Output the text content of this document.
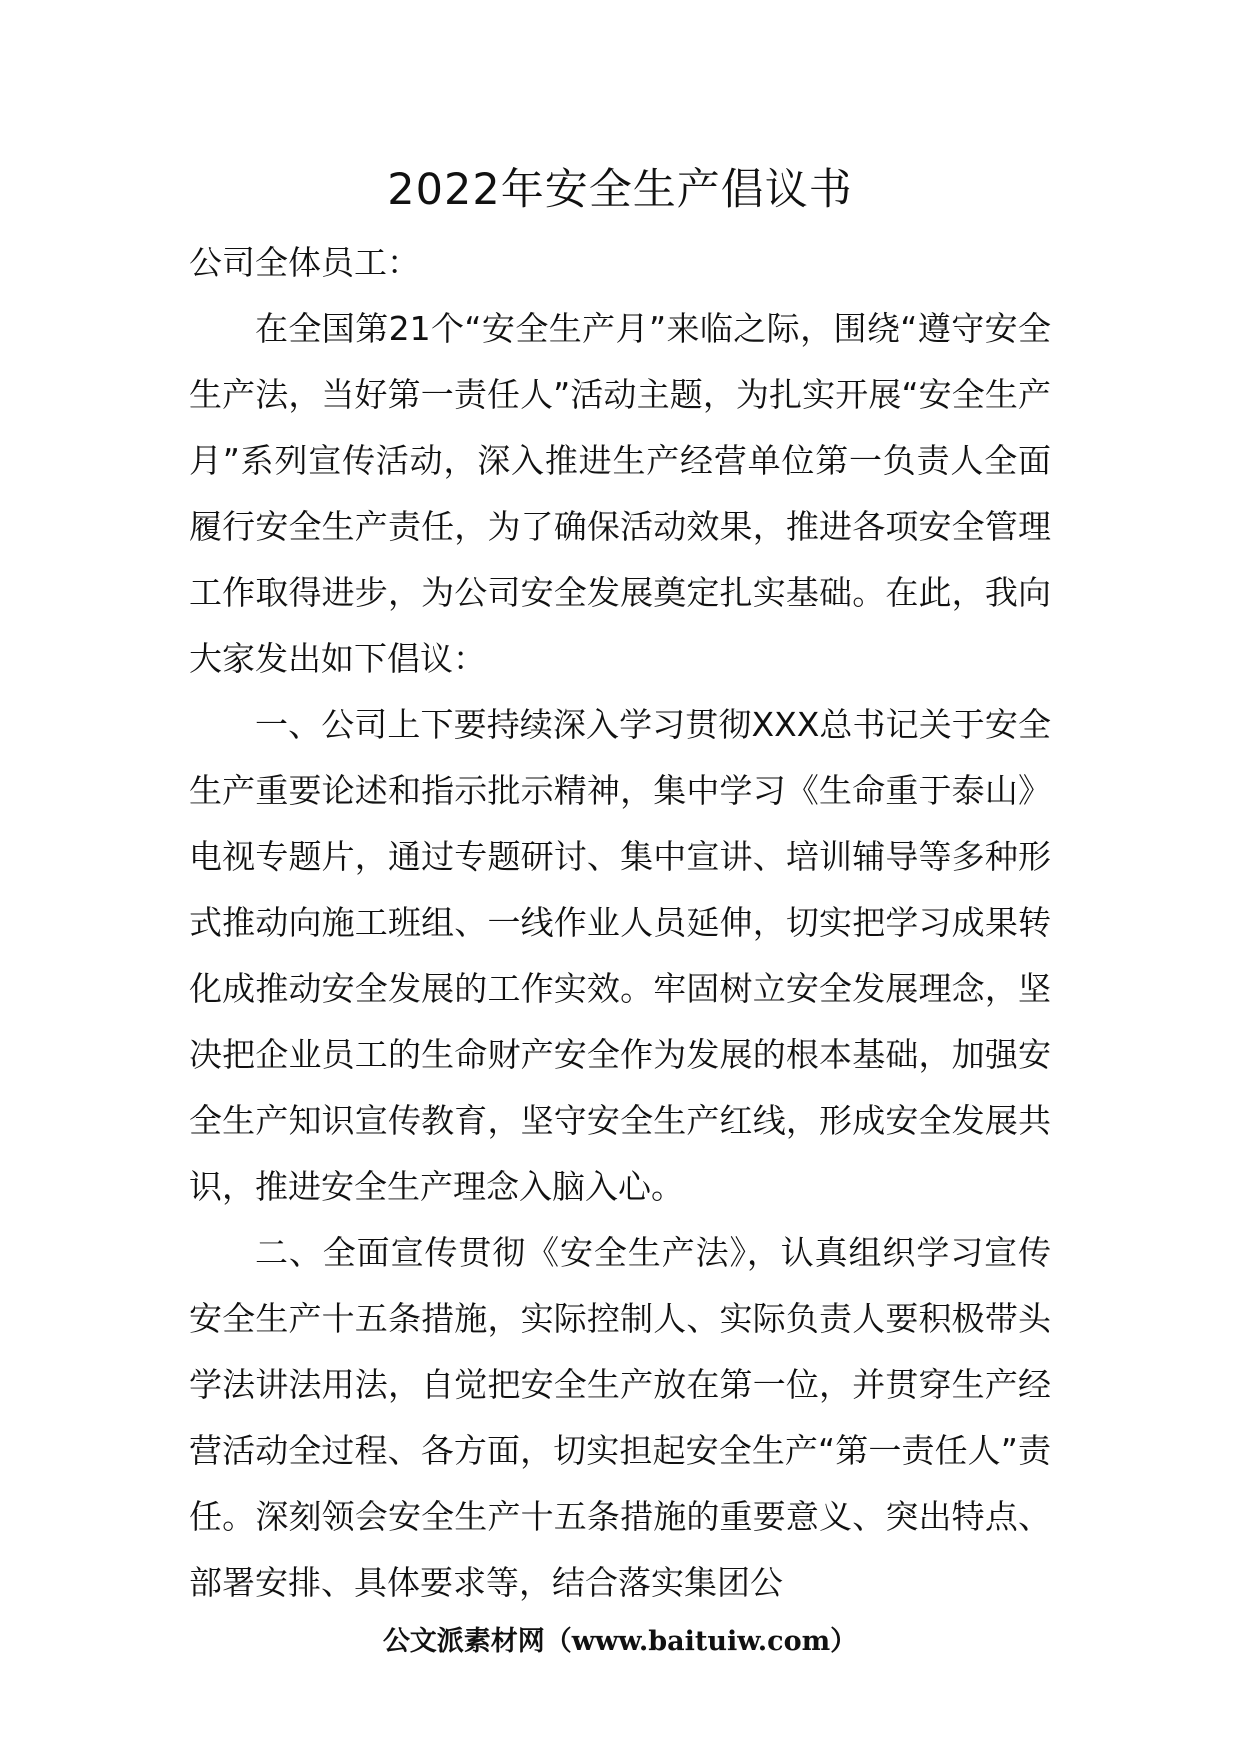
2022年安全生产倡议书

公司全体员工：

在全国第21个“安全生产月”来临之际，围绕“遵守安全生产法，当好第一责任人”活动主题，为扎实开展“安全生产月”系列宣传活动，深入推进生产经营单位第一负责人全面履行安全生产责任，为了确保活动效果，推进各项安全管理工作取得进步，为公司安全发展奠定扎实基础。在此，我向大家发出如下倡议：

一、公司上下要持续深入学习贯彻XXX总书记关于安全生产重要论述和指示批示精神，集中学习《生命重于泰山》电视专题片，通过专题研讨、集中宣讲、培训辅导等多种形式推动向施工班组、一线作业人员延伸，切实把学习成果转化成推动安全发展的工作实效。牢固树立安全发展理念，坚决把企业员工的生命财产安全作为发展的根本基础，加强安全生产知识宣传教育，坚守安全生产红线，形成安全发展共识，推进安全生产理念入脑入心。

二、全面宣传贯彻《安全生产法》，认真组织学习宣传安全生产十五条措施，实际控制人、实际负责人要积极带头学法讲法用法，自觉把安全生产放在第一位，并贯穿生产经营活动全过程、各方面，切实担起安全生产“第一责任人”责任。深刻领会安全生产十五条措施的重要意义、突出特点、部署安排、具体要求等，结合落实集团公

公文派素材网（www.baituiw.com）
